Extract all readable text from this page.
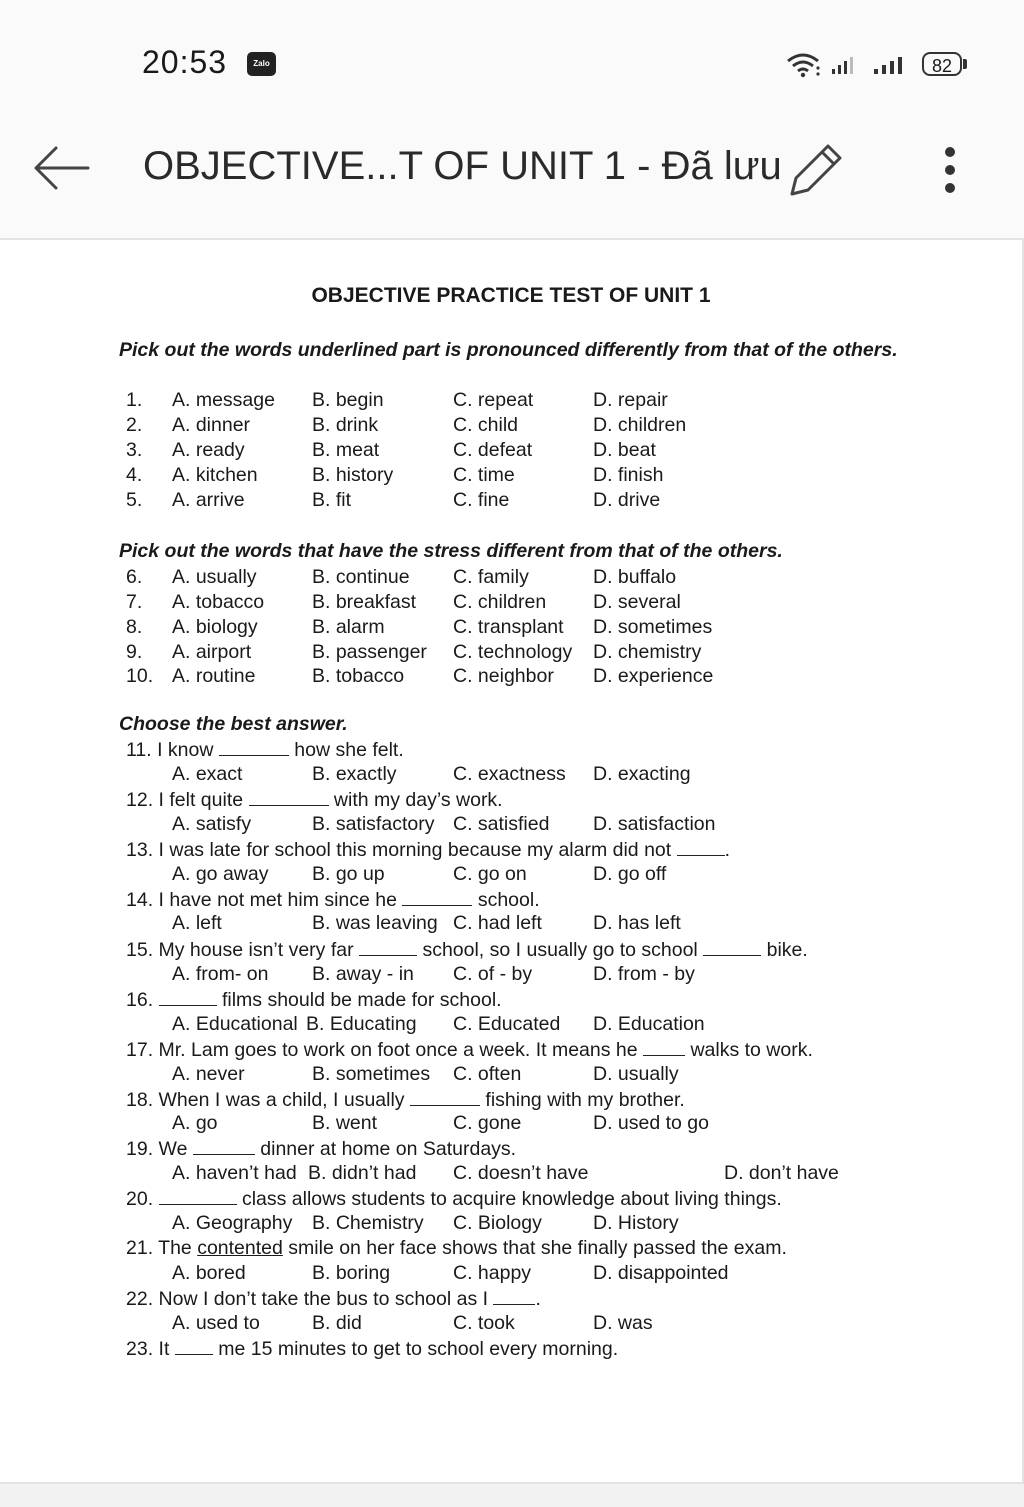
20:53	Zalo	82
OBJECTIVE...T OF UNIT 1 - Đã lưu
OBJECTIVE PRACTICE TEST OF UNIT 1
Pick out the words underlined part is pronounced differently from that of the others.
1. A. message B. begin	C. repeat	D. repair
2. A. dinner	B. drink	C. child	D. children
3. A. ready	B. meat	C. defeat	D. beat
4. A. kitchen	B. history	C. time	D. finish
5. A. arrive	B. fit	C. fine	D. drive
Pick out the words that have the stress different from that of the others.
6. A. usually	B. continue C. family	D. buffalo
7. A. tobacco B. breakfast C. children D. several
8. A. biology	B. alarm	C. transplant D. sometimes
9. A. airport	B. passenger C. technology D. chemistry
10. A. routine	B. tobacco	C. neighbor D. experience
Choose the best answer.
11. I know	how she felt.
A. exact	B. exactly	C. exactness D. exacting
12. I felt quite	with my day’s work.
A. satisfy	B. satisfactory C. satisfied D. satisfaction
13. I was late for school this morning because my alarm did not	.
A. go away B. go up	C. go on	D. go off
14. I have not met him since he	school.
A. left	B. was leaving C. had left	D. has left
15. My house isn’t very far	school, so I usually go to school	bike.
A. from- on B. away - in C. of - by	D. from - by
16.	films should be made for school.
A. Educational B. Educating C. Educated D. Education
17. Mr. Lam goes to work on foot once a week. It means he	walks to work.
A. never	B. sometimes C. often	D. usually
18. When I was a child, I usually	fishing with my brother.
A. go	B. went	C. gone	D. used to go
19. We	dinner at home on Saturdays.
A. haven’t had B. didn’t had C. doesn’t have	D. don’t have
20.	class allows students to acquire knowledge about living things.
A. Geography B. Chemistry C. Biology	D. History
21. The contented smile on her face shows that she finally passed the exam.
A. bored	B. boring	C. happy	D. disappointed
22. Now I don’t take the bus to school as I .
A. used to	B. did	C. took	D. was
23. It	me 15 minutes to get to school every morning.
